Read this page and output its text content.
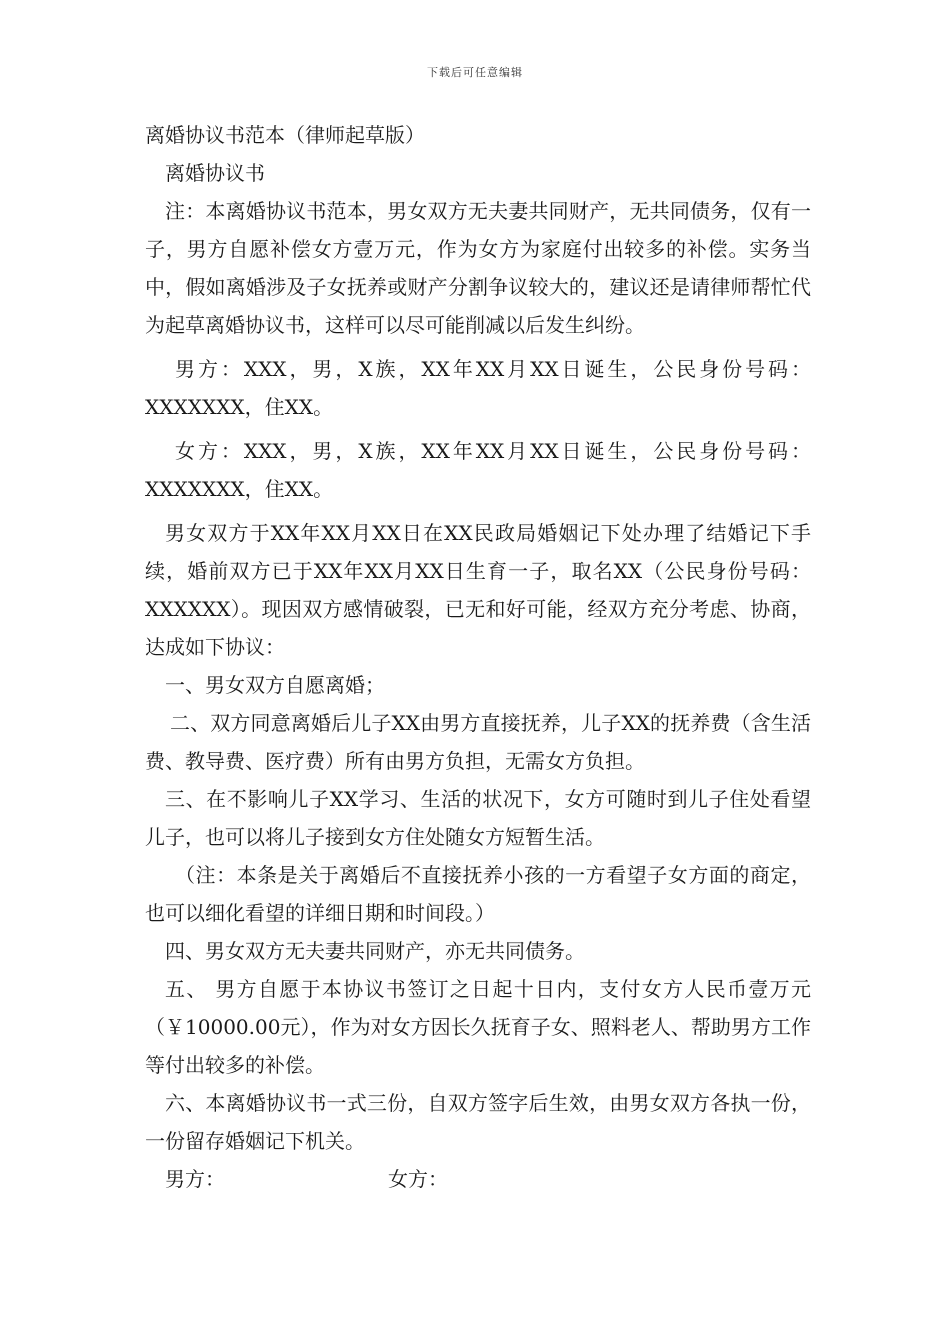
下载后可任意编辑

离婚协议书范本（律师起草版）

离婚协议书

注：本离婚协议书范本，男女双方无夫妻共同财产，无共同债务，仅有一子，男方自愿补偿女方壹万元，作为女方为家庭付出较多的补偿。实务当中，假如离婚涉及子女抚养或财产分割争议较大的，建议还是请律师帮忙代为起草离婚协议书，这样可以尽可能削减以后发生纠纷。

男方：XXX，男，X族，XX年XX月XX日诞生，公民身份号码：XXXXXXX，住XX。

女方：XXX，男，X族，XX年XX月XX日诞生，公民身份号码：XXXXXXX，住XX。

男女双方于XX年XX月XX日在XX民政局婚姻记下处办理了结婚记下手续，婚前双方已于XX年XX月XX日生育一子，取名XX（公民身份号码：XXXXXX）。现因双方感情破裂，已无和好可能，经双方充分考虑、协商，达成如下协议：

一、男女双方自愿离婚；

二、双方同意离婚后儿子XX由男方直接抚养，儿子XX的抚养费（含生活费、教导费、医疗费）所有由男方负担，无需女方负担。

三、在不影响儿子XX学习、生活的状况下，女方可随时到儿子住处看望儿子，也可以将儿子接到女方住处随女方短暂生活。

（注：本条是关于离婚后不直接抚养小孩的一方看望子女方面的商定，也可以细化看望的详细日期和时间段。）

四、男女双方无夫妻共同财产，亦无共同债务。

五、 男方自愿于本协议书签订之日起十日内，支付女方人民币壹万元（￥10000.00元），作为对女方因长久抚育子女、照料老人、帮助男方工作等付出较多的补偿。

六、本离婚协议书一式三份，自双方签字后生效，由男女双方各执一份，一份留存婚姻记下机关。

男方：	女方：
